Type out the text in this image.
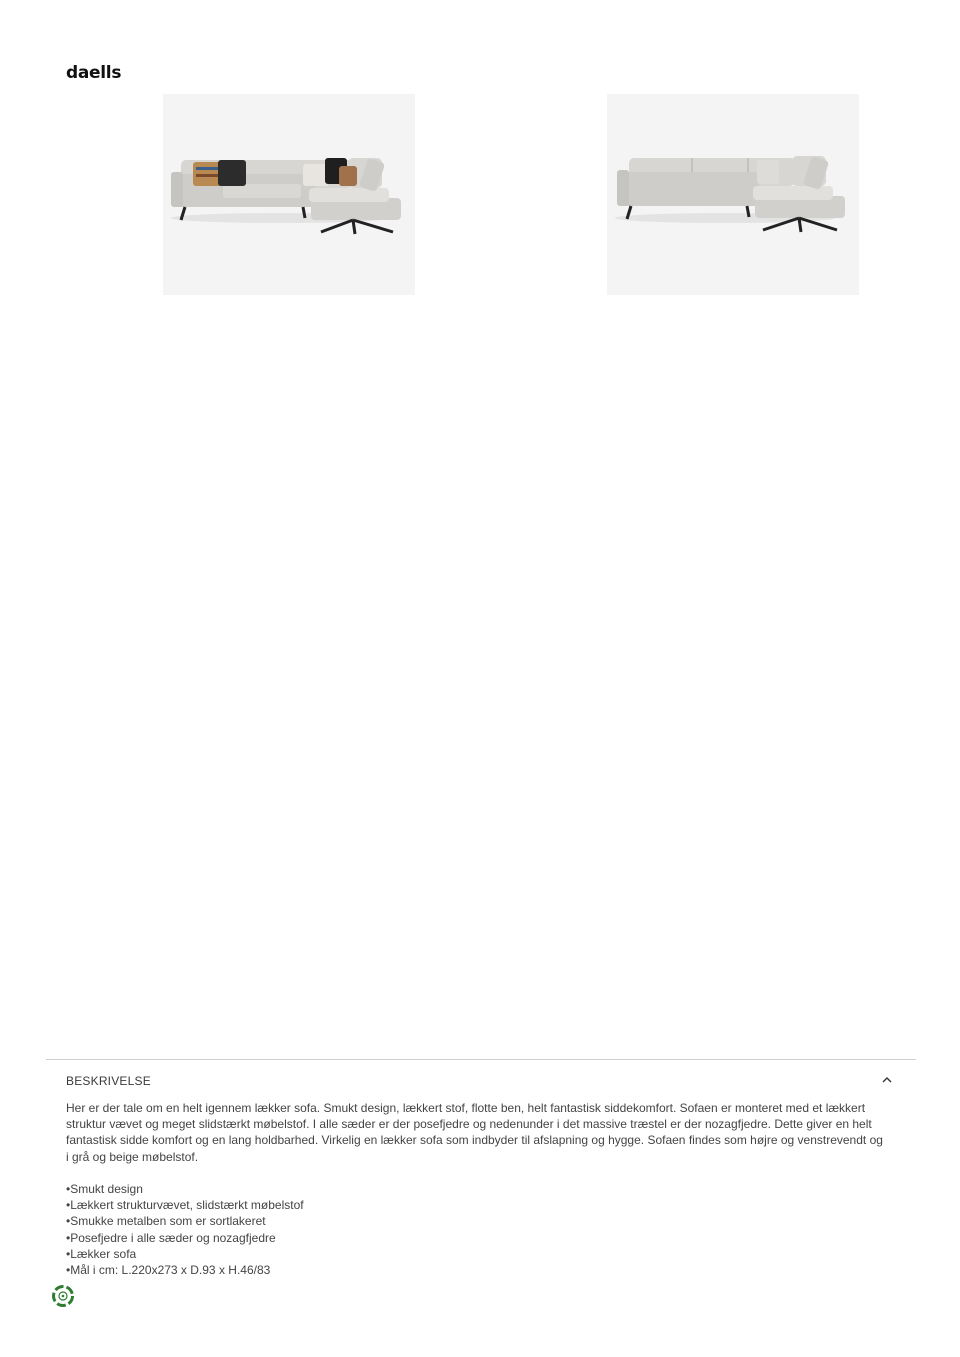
daells
BESKRIVELSE

Her er der tale om en helt igennem lækker sofa. Smukt design, lækkert stof, flotte ben, helt fantastisk siddekomfort. Sofaen er monteret med et lækkert struktur vævet og meget slidstærkt møbelstof. I alle sæder er der posefjedre og nedenunder i det massive træstel er der nozagfjedre. Dette giver en helt fantastisk sidde komfort og en lang holdbarhed. Virkelig en lækker sofa som indbyder til afslapning og hygge. Sofaen findes som højre og venstrevendt og i grå og beige møbelstof.

• Smukt design
• Lækkert strukturvævet, slidstærkt møbelstof
• Smukke metalben som er sortlakeret
• Posefjedre i alle sæder og nozagfjedre
• Lækker sofa
• Mål i cm: L.220x273 x D.93 x H.46/83
